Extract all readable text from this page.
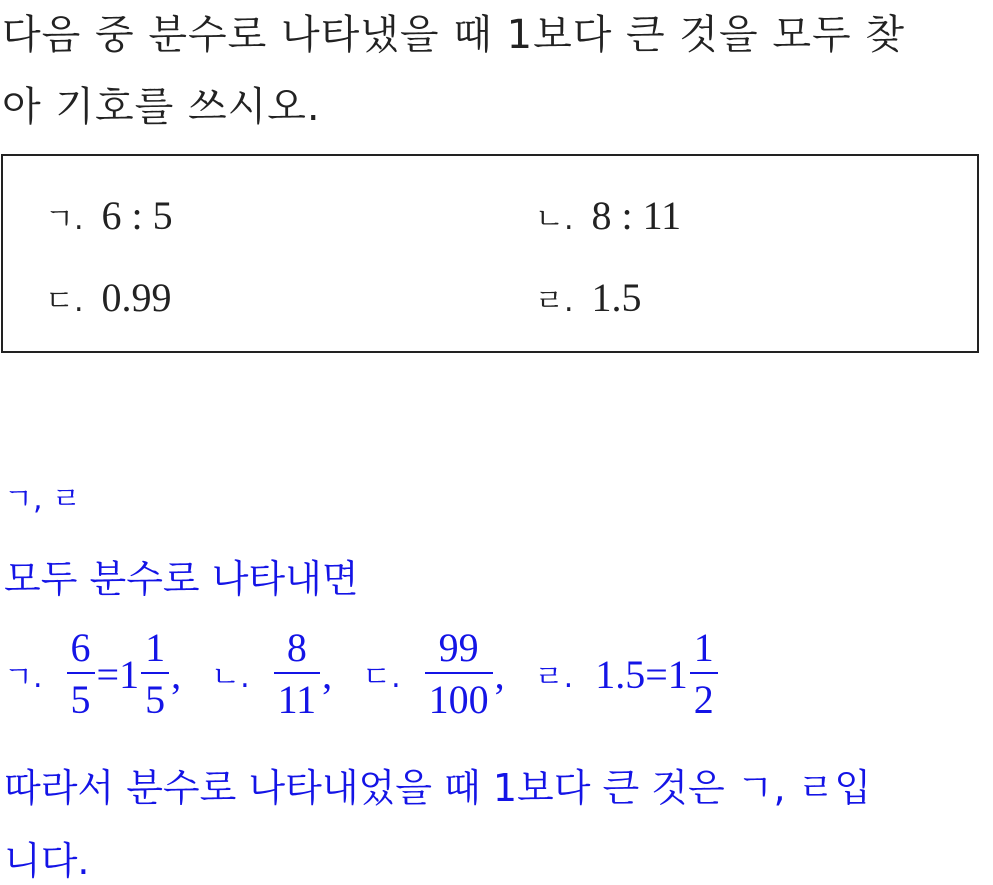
다음 중 분수로 나타냈을 때 1보다 큰 것을 모두 찾
아 기호를 쓰시오.
ㄱ. 6 : 5	ㄴ. 8 : 11
ㄷ. 0.99	ㄹ. 1.5
ㄱ, ㄹ
모두 분수로 나타내면
ㄱ. $\frac{6}{5} =1 \frac{1}{5}$ , ㄴ. $\frac{8}{11}$ , ㄷ. $\frac{99}{100}$ , ㄹ. $1.5 =1 \frac{1}{2}$
따라서 분수로 나타내었을 때 1보다 큰 것은 ㄱ, ㄹ입
니다.
